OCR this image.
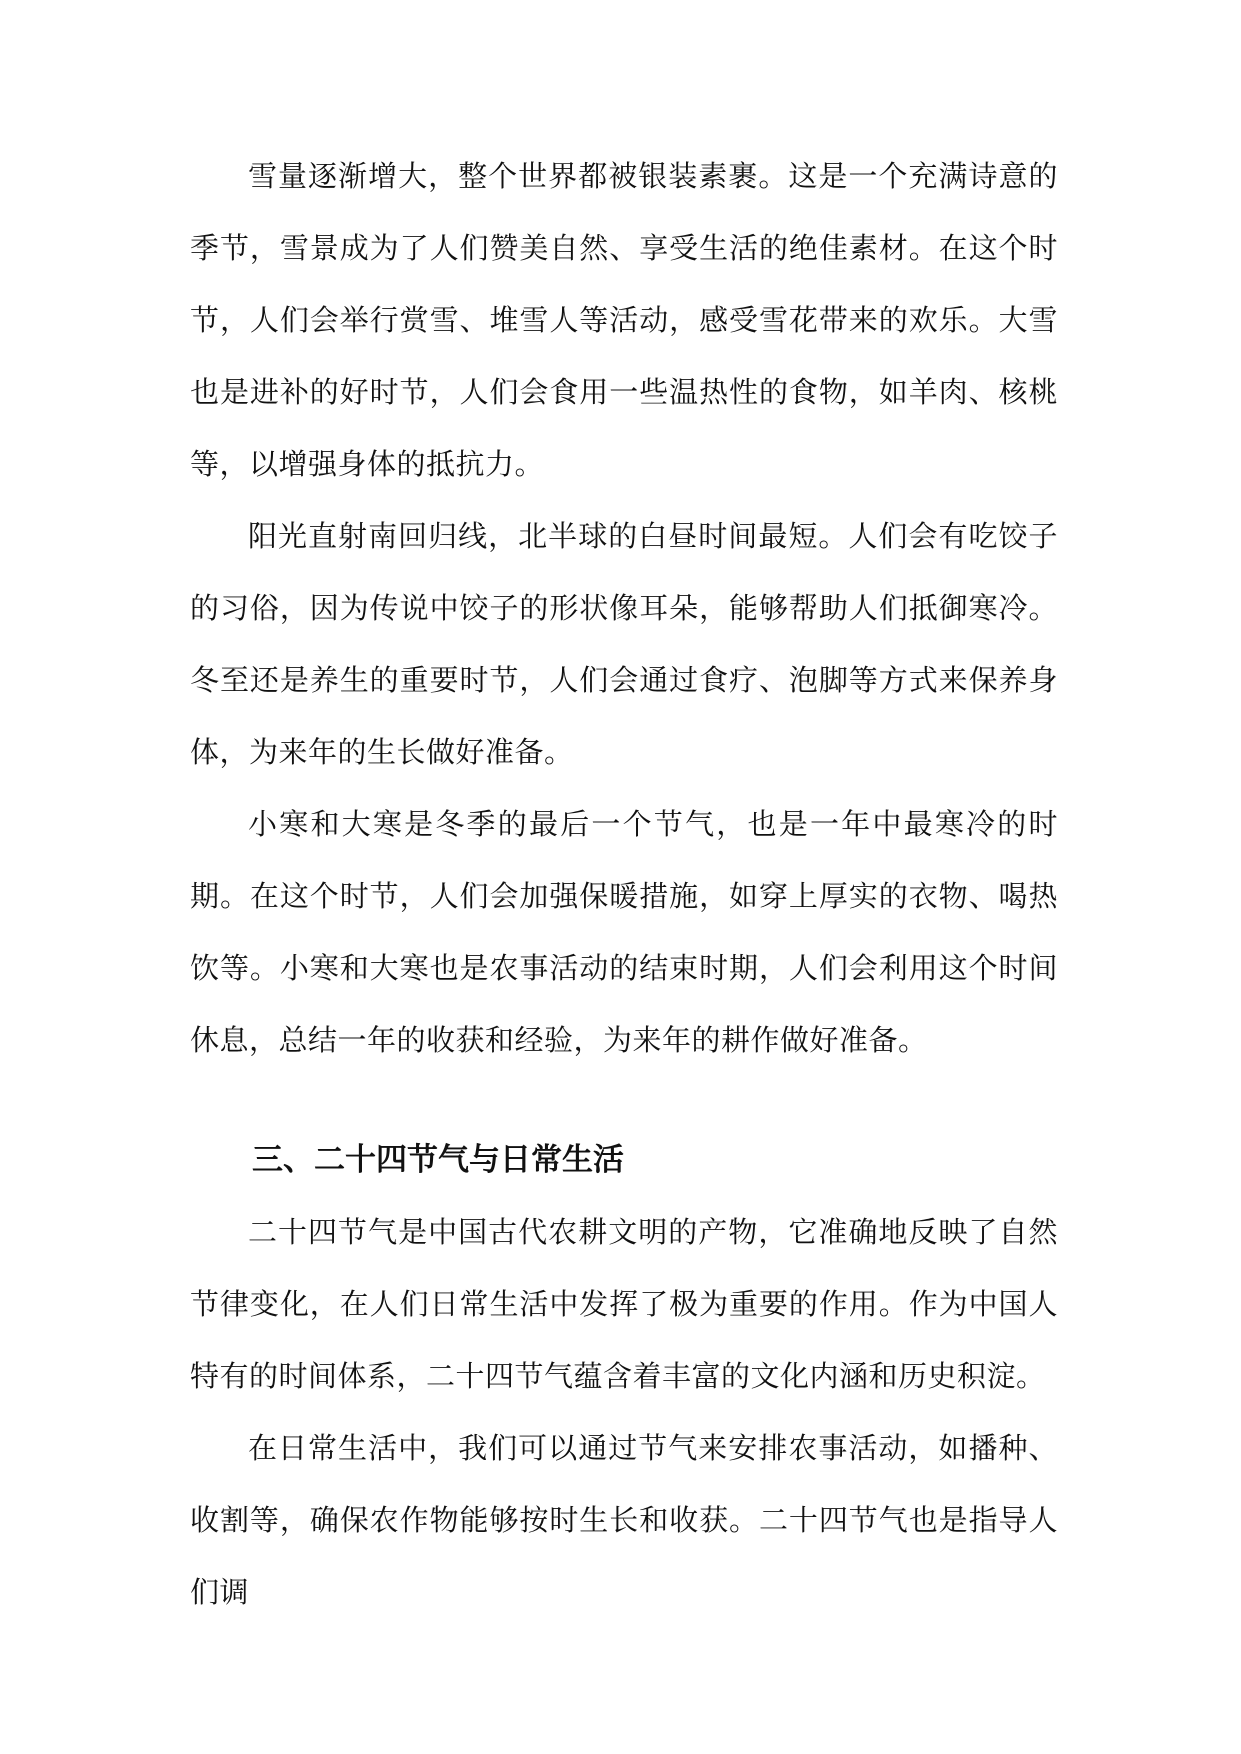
雪量逐渐增大，整个世界都被银装素裹。这是一个充满诗意的季节，雪景成为了人们赞美自然、享受生活的绝佳素材。在这个时节，人们会举行赏雪、堆雪人等活动，感受雪花带来的欢乐。大雪也是进补的好时节，人们会食用一些温热性的食物，如羊肉、核桃等，以增强身体的抵抗力。

阳光直射南回归线，北半球的白昼时间最短。人们会有吃饺子的习俗，因为传说中饺子的形状像耳朵，能够帮助人们抵御寒冷。冬至还是养生的重要时节，人们会通过食疗、泡脚等方式来保养身体，为来年的生长做好准备。

小寒和大寒是冬季的最后一个节气，也是一年中最寒冷的时期。在这个时节，人们会加强保暖措施，如穿上厚实的衣物、喝热饮等。小寒和大寒也是农事活动的结束时期，人们会利用这个时间休息，总结一年的收获和经验，为来年的耕作做好准备。

三、二十四节气与日常生活

二十四节气是中国古代农耕文明的产物，它准确地反映了自然节律变化，在人们日常生活中发挥了极为重要的作用。作为中国人特有的时间体系，二十四节气蕴含着丰富的文化内涵和历史积淀。

在日常生活中，我们可以通过节气来安排农事活动，如播种、收割等，确保农作物能够按时生长和收获。二十四节气也是指导人们调
